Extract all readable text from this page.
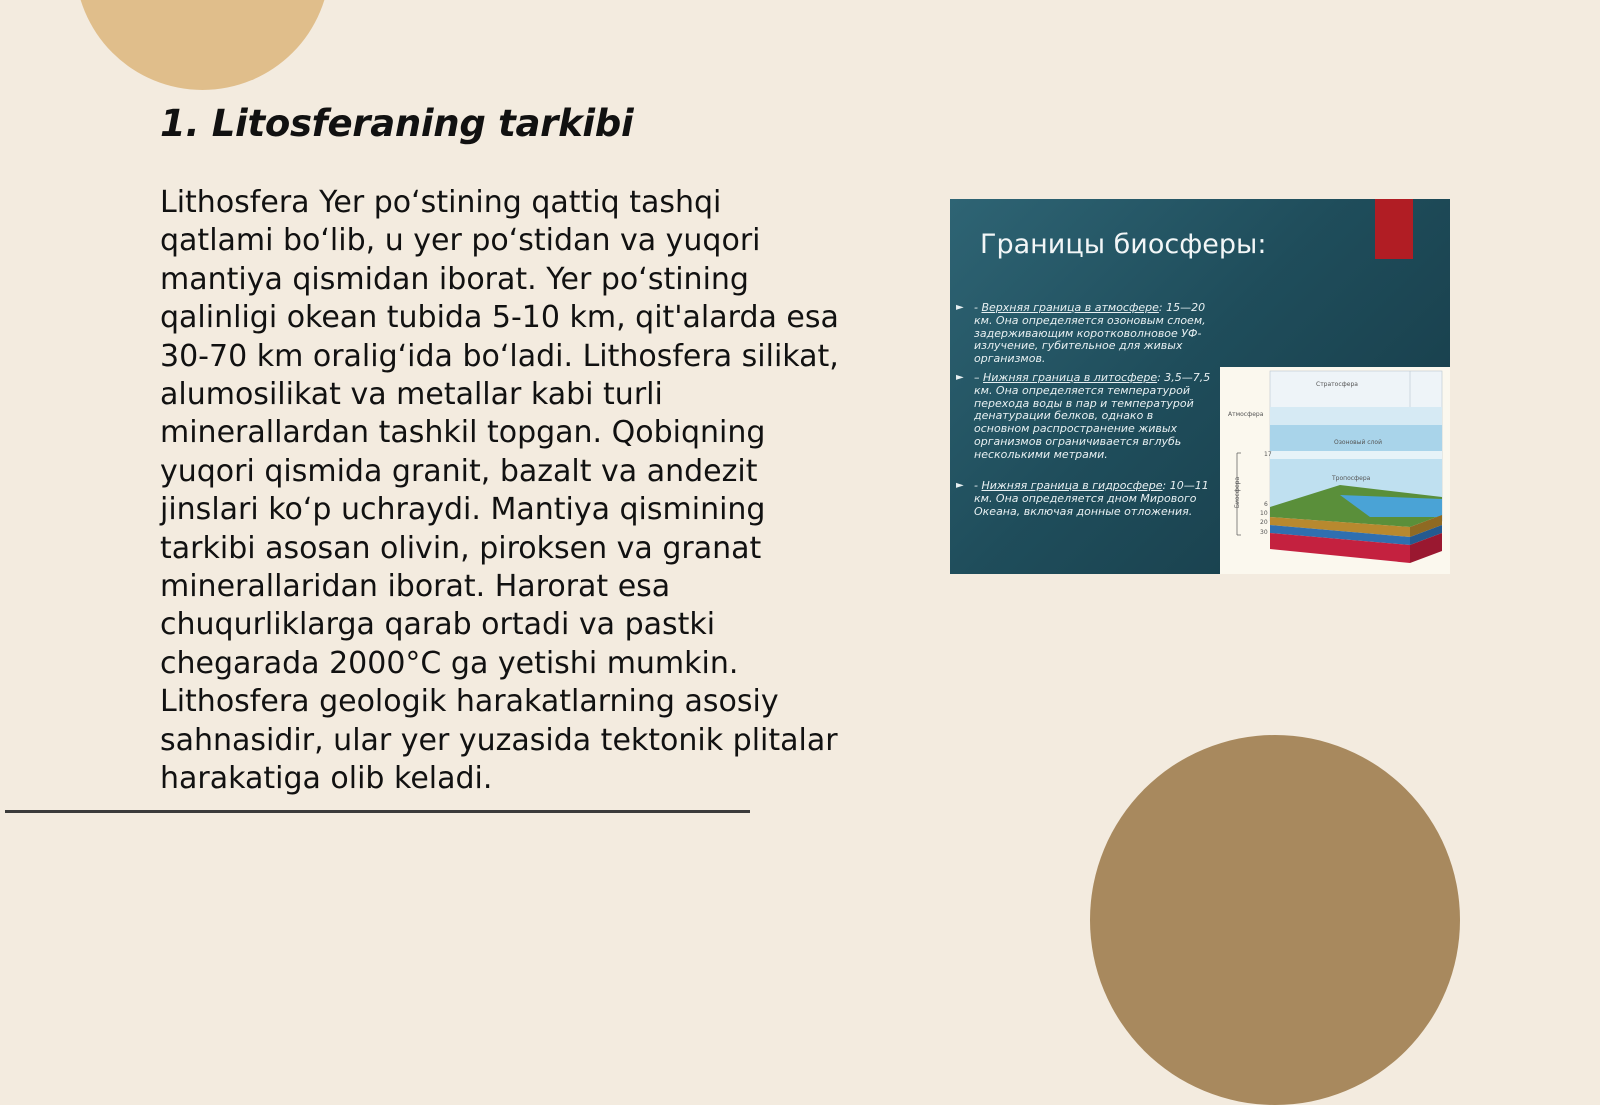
1. Litosferaning tarkibi
Lithosfera Yer po‘stining qattiq tashqi qatlami bo‘lib, u yer po‘stidan va yuqori mantiya qismidan iborat. Yer po‘stining qalinligi okean tubida 5-10 km, qit'alarda esa 30-70 km oralig‘ida bo‘ladi. Lithosfera silikat, alumosilikat va metallar kabi turli minerallardan tashkil topgan. Qobiqning yuqori qismida granit, bazalt va andezit jinslari ko‘p uchraydi. Mantiya qismining tarkibi asosan olivin, piroksen va granat minerallaridan iborat. Harorat esa chuqurliklarga qarab ortadi va pastki chegarada 2000°C ga yetishi mumkin. Lithosfera geologik harakatlarning asosiy sahnasidir, ular yer yuzasida tektonik plitalar harakatiga olib keladi.
Границы биосферы:
► - Верхняя граница в атмосфере: 15—20 км. Она определяется озоновым слоем, задерживающим коротковолновое УФ-излучение, губительное для живых организмов.
► – Нижняя граница в литосфере: 3,5—7,5 км. Она определяется температурой перехода воды в пар и температурой денатурации белков, однако в основном распространение живых организмов ограничивается вглубь несколькими метрами.
► - Нижняя граница в гидросфере: 10—11 км. Она определяется дном Мирового Океана, включая донные отложения.
Стратосфера
Атмосфера
Озоновый слой
Тропосфера
Биосфера
17
6
10
20
30
